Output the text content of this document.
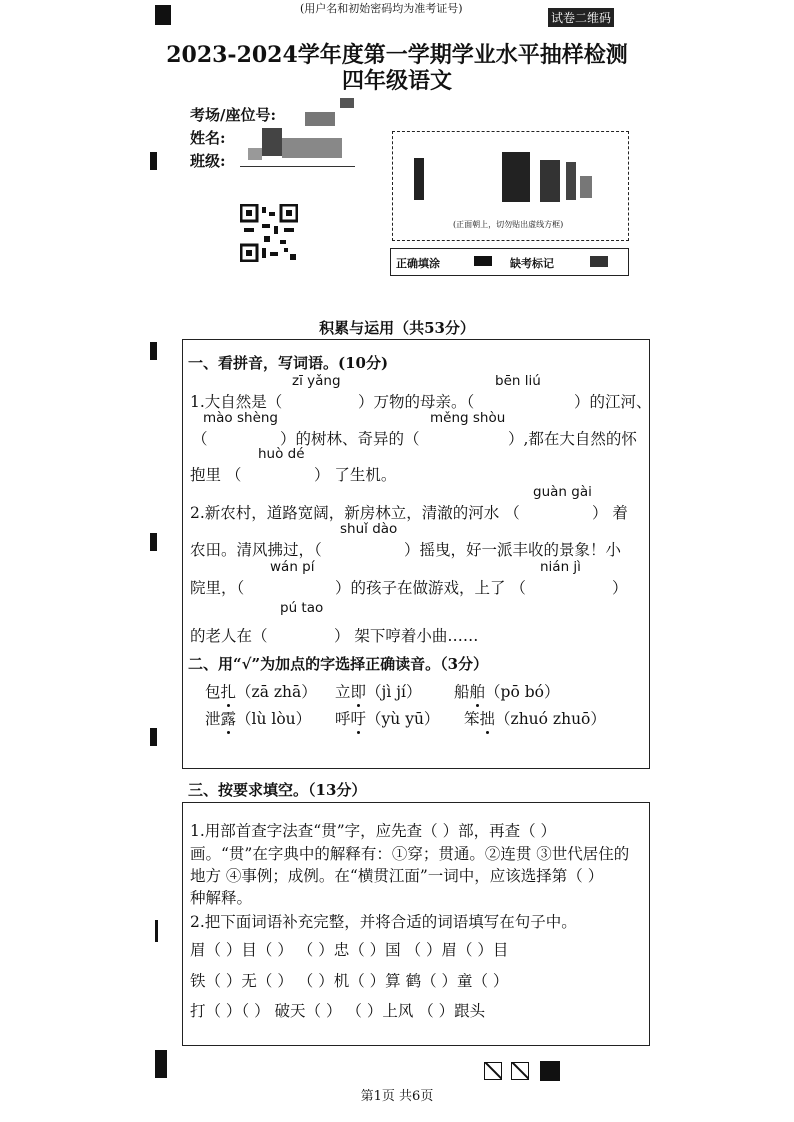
(用户名和初始密码均为准考证号)
试卷二维码
2023-2024学年度第一学期学业水平抽样检测
四年级语文
考场/座位号:
姓名:
班级:
(正面朝上，切勿贴出虚线方框)
正确填涂	缺考标记
积累与运用（共53分）
一、看拼音，写词语。(10分)
zī yǎng	bēn liú
mào shèng	měng shòu
huò dé
guàn gài
shuǐ dào
wán pí	nián jì
pú tao
1.大自然是（	）万物的母亲。（	）的江河、
（	）的树林、奇异的（	）,都在大自然的怀
抱里 （	） 了生机。
2.新农村，道路宽阔，新房林立，清澈的河水 （	） 着
农田。清风拂过，（	）摇曳，好一派丰收的景象！小
院里，（	）的孩子在做游戏，上了 （	）
的老人在（	） 架下哼着小曲……
二、用“√”为加点的字选择正确读音。（3分）
包扎（zā zhā） 立即（jì jí） 船舶（pō bó）
泄露（lù lòu） 呼吁（yù yū） 笨拙（zhuó zhuō）
三、按要求填空。（13分）
1.用部首查字法查“贯”字，应先查（ ）部，再查（ ）
画。“贯”在字典中的解释有：①穿；贯通。②连贯 ③世代居住的
地方 ④事例；成例。在“横贯江面”一词中，应该选择第（ ）
种解释。
2.把下面词语补充完整，并将合适的词语填写在句子中。
眉（ ）目（ ） （ ）忠（ ）国 （ ）眉（ ）目
铁（ ）无（ ） （ ）机（ ）算 鹤（ ）童（ ）
打（ ）（ ） 破天（ ） （ ）上风 （ ）跟头
第1页 共6页
